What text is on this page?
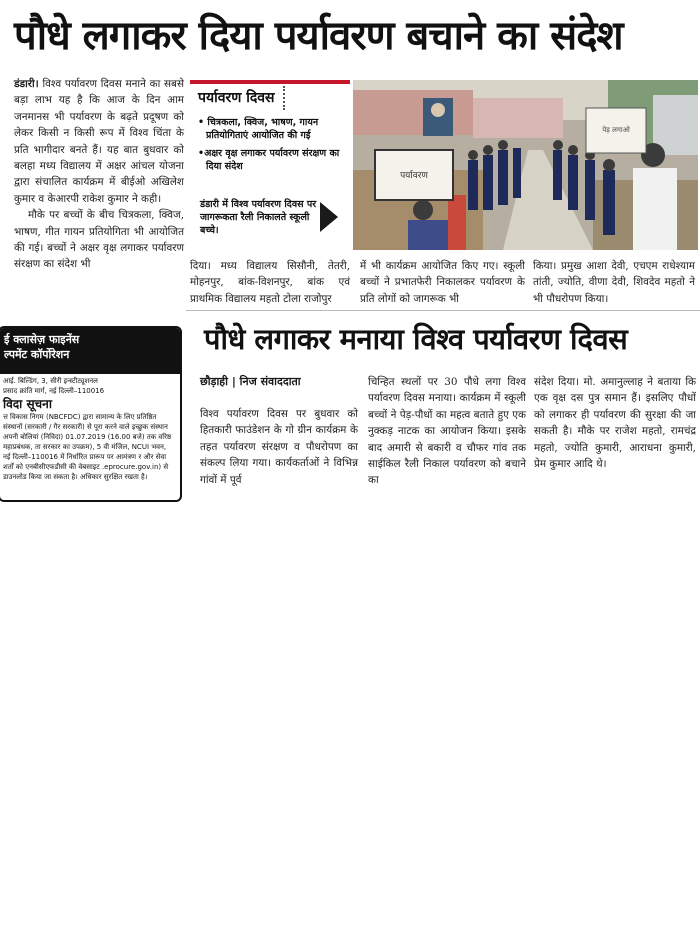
पौधे लगाकर दिया पर्यावरण बचाने का संदेश
डंडारी। विश्व पर्यावरण दिवस मनाने का सबसे बड़ा लाभ यह है कि आज के दिन आम जनमानस भी पर्यावरण के बढ़ते प्रदूषण को लेकर किसी न किसी रूप में विश्व चिंता के प्रति भागीदार बनते हैं। यह बात बुधवार को बलहा मध्य विद्यालय में अक्षर आंचल योजना द्वारा संचालित कार्यक्रम में बीईओ अखिलेश कुमार व केआरपी राकेश कुमार ने कही।
मौके पर बच्चों के बीच चित्रकला, क्विज, भाषण, गीत गायन प्रतियोगिता भी आयोजित की गई। बच्चों ने अक्षर वृक्ष लगाकर पर्यावरण संरक्षण का संदेश भी
पर्यावरण दिवस
• चित्रकला, क्विज, भाषण, गायन प्रतियोगिताएं आयोजित की गई
•अक्षर वृक्ष लगाकर पर्यावरण संरक्षण का दिया संदेश
डंडारी में विश्व पर्यावरण दिवस पर जागरूकता रैली निकालते स्कूली बच्चे।
पर्यावरण
पेड़ लगाओ
दिया। मध्य विद्यालय सिसौनी, तेतरी, मोहनपुर, बांक-विशनपुर, बांक एवं प्राथमिक विद्यालय महतो टोला राजोपुर
में भी कार्यक्रम आयोजित किए गए। स्कूली बच्चों ने प्रभातफेरी निकालकर पर्यावरण के प्रति लोगों को जागरूक भी
किया। प्रमुख आशा देवी, एचएम राधेश्याम तांती, ज्योति, वीणा देवी, शिवदेव महतो ने भी पौधरोपण किया।
ई क्लासेज़ फाइनेंस
ल्पमेंट कॉर्पोरेशन
आई. बिल्डिंग, 3, सीरी इन्स्टीट्यूशनल
प्रसाद क्रांति मार्ग, नई दिल्ली–110016
विदा सूचना
त्त विकास निगम (NBCFDC) द्वारा सामान्य के लिए प्रतिष्ठित संस्थानों (सरकारी / गैर सरकारी) से पूरा करने वाले इच्छुक संस्थान अपनी बोलियां (निविदा) 01.07.2019 (16.00 बजे) तक वरिष्ठ महाप्रबंधक, ता सरकार का उपक्रम), 5 वी मंजिल, NCUI भवन, नई दिल्ली–110016 में निर्धारित प्रारूप पर आमंत्रण र और सेवा शर्तों को एनबीसीएफडीसी की वेबसाइट .eprocure.gov.in) से डाउनलोड किया जा सकता है। अधिकार सुरक्षित रखता है।
पौधे लगाकर मनाया विश्व पर्यावरण दिवस
छौड़ाही | निज संवाददाता
विश्व पर्यावरण दिवस पर बुधवार को हितकारी फाउंडेशन के गो ग्रीन कार्यक्रम के तहत पर्यावरण संरक्षण व पौधरोपण का संकल्प लिया गया। कार्यकर्ताओं ने विभिन्न गांवों में पूर्व
चिन्हित स्थलों पर 30 पौधे लगा विश्व पर्यावरण दिवस मनाया। कार्यक्रम में स्कूली बच्चों ने पेड़-पौधों का महत्व बताते हुए एक नुक्कड़ नाटक का आयोजन किया। इसके बाद अमारी से बकारी व चौफर गांव तक साईकिल रैली निकाल पर्यावरण को बचाने का
संदेश दिया। मो. अमानुल्लाह ने बताया कि एक वृक्ष दस पुत्र समान हैं। इसलिए पौधों को लगाकर ही पर्यावरण की सुरक्षा की जा सकती है। मौके पर राजेश महतो, रामचंद्र महतो, ज्योति कुमारी, आराधना कुमारी, प्रेम कुमार आदि थे।
